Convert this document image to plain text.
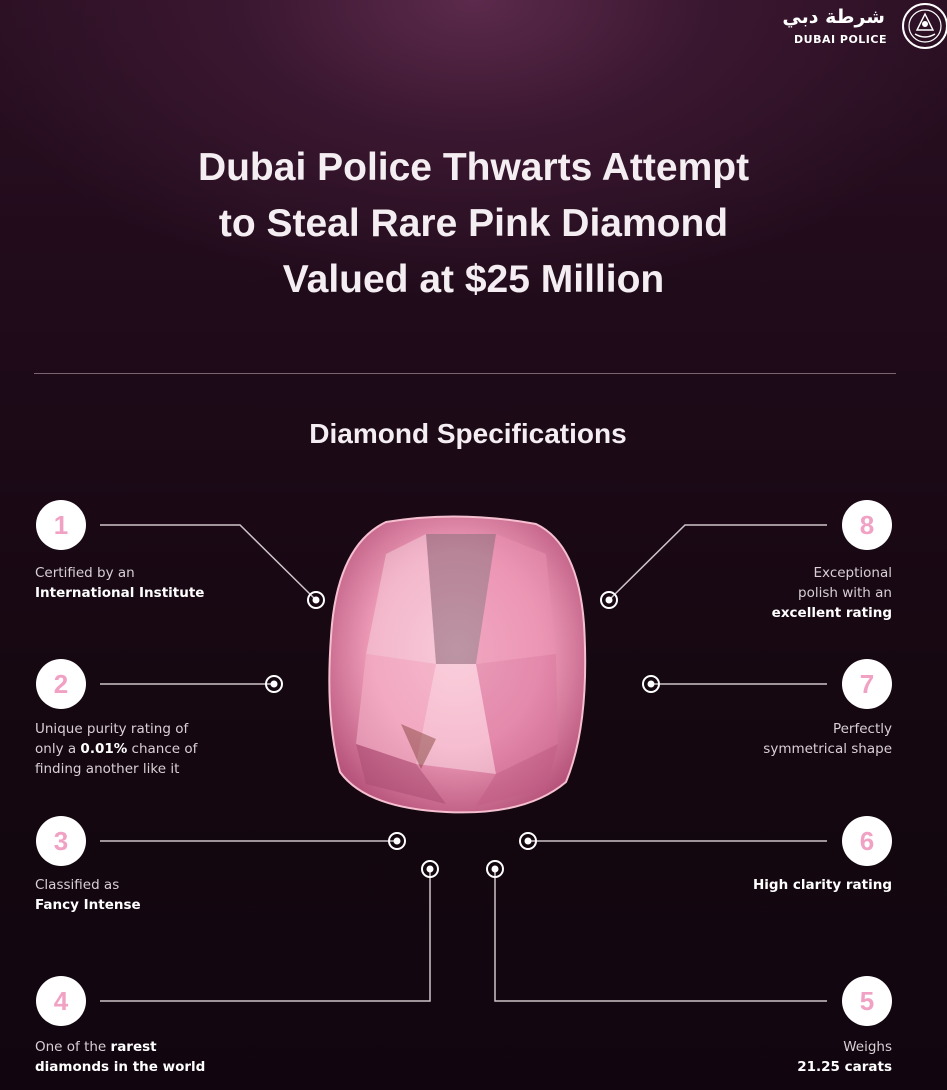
شرطة دبي
DUBAI POLICE
Dubai Police Thwarts Attempt
to Steal Rare Pink Diamond
Valued at $25 Million
Diamond Specifications
1
2
3
4	5
6
7
8
Certified by an
International Institute
Unique purity rating of
only a 0.01% chance of
finding another like it
Classified as
Fancy Intense
One of the rarest
diamonds in the world
Exceptional
polish with an
excellent rating
Perfectly
symmetrical shape
High clarity rating
Weighs
21.25 carats
